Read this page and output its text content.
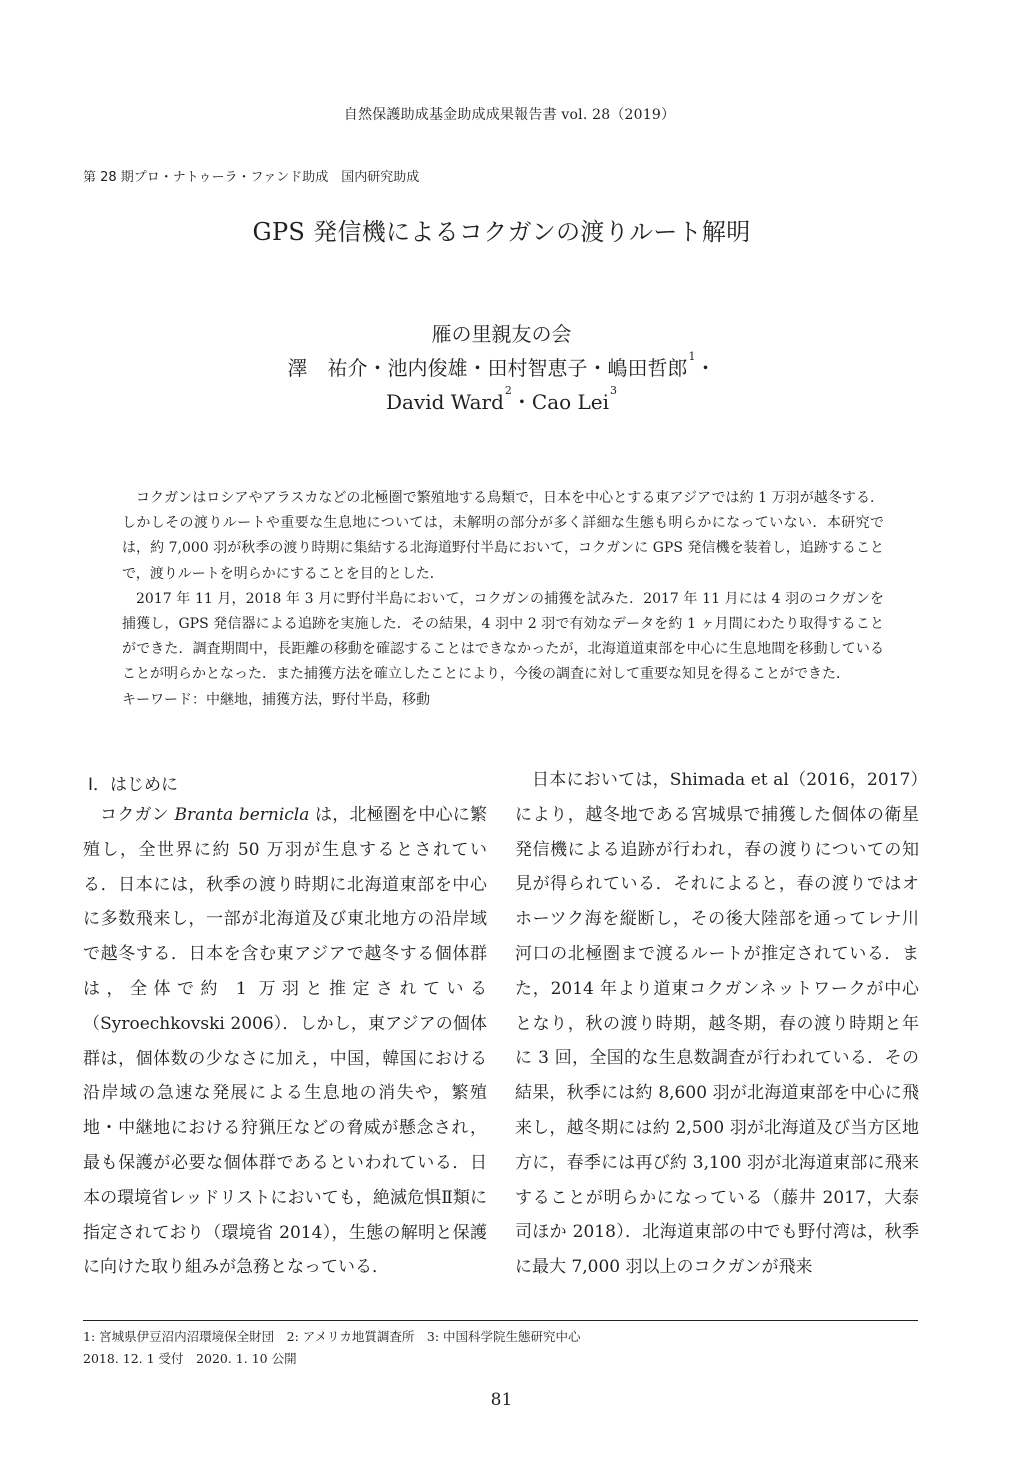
自然保護助成基金助成成果報告書 vol. 28（2019）
第 28 期プロ・ナトゥーラ・ファンド助成　国内研究助成
GPS 発信機によるコクガンの渡りルート解明
雁の里親友の会
澤　祐介・池内俊雄・田村智恵子・嶋田哲郎$^1$・
David Ward$^2$・Cao Lei$^3$

コクガンはロシアやアラスカなどの北極圏で繁殖地する鳥類で，日本を中心とする東アジアでは約 1 万羽が越冬する．しかしその渡りルートや重要な生息地については，未解明の部分が多く詳細な生態も明らかになっていない．本研究では，約 7,000 羽が秋季の渡り時期に集結する北海道野付半島において，コクガンに GPS 発信機を装着し，追跡することで，渡りルートを明らかにすることを目的とした．

2017 年 11 月，2018 年 3 月に野付半島において，コクガンの捕獲を試みた．2017 年 11 月には 4 羽のコクガンを捕獲し，GPS 発信器による追跡を実施した．その結果，4 羽中 2 羽で有効なデータを約 1 ヶ月間にわたり取得することができた．調査期間中，長距離の移動を確認することはできなかったが，北海道道東部を中心に生息地間を移動していることが明らかとなった．また捕獲方法を確立したことにより，今後の調査に対して重要な知見を得ることができた．

キーワード：中継地，捕獲方法，野付半島，移動

Ⅰ．はじめに

コクガン Branta bernicla は，北極圏を中心に繁殖し，全世界に約 50 万羽が生息するとされている．日本には，秋季の渡り時期に北海道東部を中心に多数飛来し，一部が北海道及び東北地方の沿岸域で越冬する．日本を含む東アジアで越冬する個体群は，全体で約 1 万羽と推定されている（Syroechkovski 2006）．しかし，東アジアの個体群は，個体数の少なさに加え，中国，韓国における沿岸域の急速な発展による生息地の消失や，繁殖地・中継地における狩猟圧などの脅威が懸念され，最も保護が必要な個体群であるといわれている．日本の環境省レッドリストにおいても，絶滅危惧Ⅱ類に指定されており（環境省 2014），生態の解明と保護に向けた取り組みが急務となっている．

日本においては，Shimada et al（2016，2017）により，越冬地である宮城県で捕獲した個体の衛星発信機による追跡が行われ，春の渡りについての知見が得られている．それによると，春の渡りではオホーツク海を縦断し，その後大陸部を通ってレナ川河口の北極圏まで渡るルートが推定されている．また，2014 年より道東コクガンネットワークが中心となり，秋の渡り時期，越冬期，春の渡り時期と年に 3 回，全国的な生息数調査が行われている．その結果，秋季には約 8,600 羽が北海道東部を中心に飛来し，越冬期には約 2,500 羽が北海道及び当方区地方に，春季には再び約 3,100 羽が北海道東部に飛来することが明らかになっている（藤井 2017，大泰司ほか 2018）．北海道東部の中でも野付湾は，秋季に最大 7,000 羽以上のコクガンが飛来

1: 宮城県伊豆沼内沼環境保全財団　2: アメリカ地質調査所　3: 中国科学院生態研究中心
2018. 12. 1 受付　2020. 1. 10 公開
81
